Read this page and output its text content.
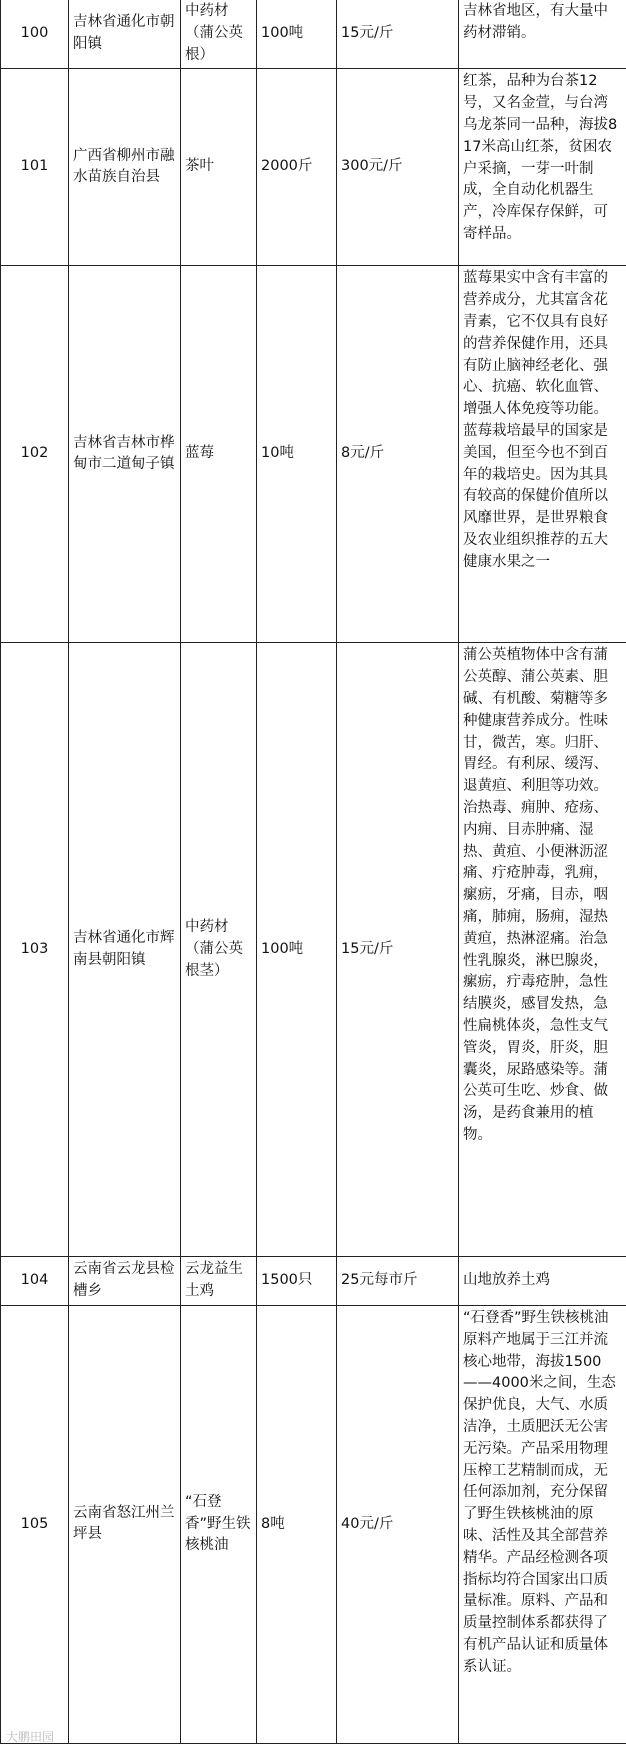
100	吉林省通化市朝阳镇	中药材（蒲公英根）	100吨	15元/斤	吉林省地区，有大量中药材滞销。
101	广西省柳州市融水苗族自治县	茶叶	2000斤	300元/斤	红茶，品种为台茶12号，又名金萱，与台湾乌龙茶同一品种，海拔817米高山红茶，贫困农户采摘，一芽一叶制成，全自动化机器生产，冷库保存保鲜，可寄样品。
102	吉林省吉林市桦甸市二道甸子镇	蓝莓	10吨	8元/斤	蓝莓果实中含有丰富的营养成分，尤其富含花青素，它不仅具有良好的营养保健作用，还具有防止脑神经老化、强心、抗癌、软化血管、增强人体免疫等功能。蓝莓栽培最早的国家是美国，但至今也不到百年的栽培史。因为其具有较高的保健价值所以风靡世界，是世界粮食及农业组织推荐的五大健康水果之一
103	吉林省通化市辉南县朝阳镇	中药材（蒲公英根茎）	100吨	15元/斤	蒲公英植物体中含有蒲公英醇、蒲公英素、胆碱、有机酸、菊糖等多种健康营养成分。性味甘，微苦，寒。归肝、胃经。有利尿、缓泻、退黄疸、利胆等功效。治热毒、痈肿、疮疡、内痈、目赤肿痛、湿热、黄疸、小便淋沥涩痛、疔疮肿毒，乳痈，瘰疬，牙痛，目赤，咽痛，肺痈，肠痈，湿热黄疸，热淋涩痛。治急性乳腺炎，淋巴腺炎，瘰疬，疔毒疮肿，急性结膜炎，感冒发热，急性扁桃体炎，急性支气管炎，胃炎，肝炎，胆囊炎，尿路感染等。蒲公英可生吃、炒食、做汤，是药食兼用的植物。
104	云南省云龙县检槽乡	云龙益生土鸡	1500只	25元每市斤	山地放养土鸡
105	云南省怒江州兰坪县	“石登香”野生铁核桃油	8吨	40元/斤	“石登香”野生铁核桃油原料产地属于三江并流核心地带，海拔1500——4000米之间，生态保护优良，大气、水质洁净，土质肥沃无公害无污染。产品采用物理压榨工艺精制而成，无任何添加剂，充分保留了野生铁核桃油的原味、活性及其全部营养精华。产品经检测各项指标均符合国家出口质量标准。原料、产品和质量控制体系都获得了有机产品认证和质量体系认证。
大鹏田园
